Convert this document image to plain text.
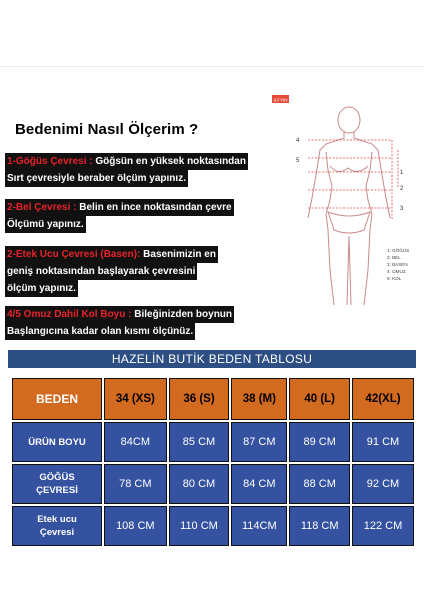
Bedenimi Nasıl Ölçerim ?
1-Göğüs Çevresi : Göğsün en yüksek noktasından
Sırt çevresiyle beraber ölçüm yapınız.
2-Bel Çevresi : Belin en ince noktasından çevre
Ölçümü yapınız.
2-Etek Ucu Çevresi (Basen): Basenimizin en
geniş noktasından başlayarak çevresini
ölçüm yapınız.
4/5 Omuz Dahil Kol Boyu : Bileğinizden boynun
Başlangıcına kadar olan kısmı ölçünüz.
ILFYIN
4
5
1
2
3
1: GÖĞÜS
2: BEL
3: BASEN
4: OMUZ
5: KOL
HAZELİN BUTİK BEDEN TABLOSU
BEDEN	34 (XS)	36 (S)	38 (M)	40 (L)	42(XL)
ÜRÜN BOYU	84CM	85 CM	87 CM	89 CM	91 CM
GÖĞÜS
ÇEVRESİ	78 CM	80 CM	84 CM	88 CM	92 CM
Etek ucu
Çevresi	108 CM	110 CM	114CM	118 CM	122 CM
